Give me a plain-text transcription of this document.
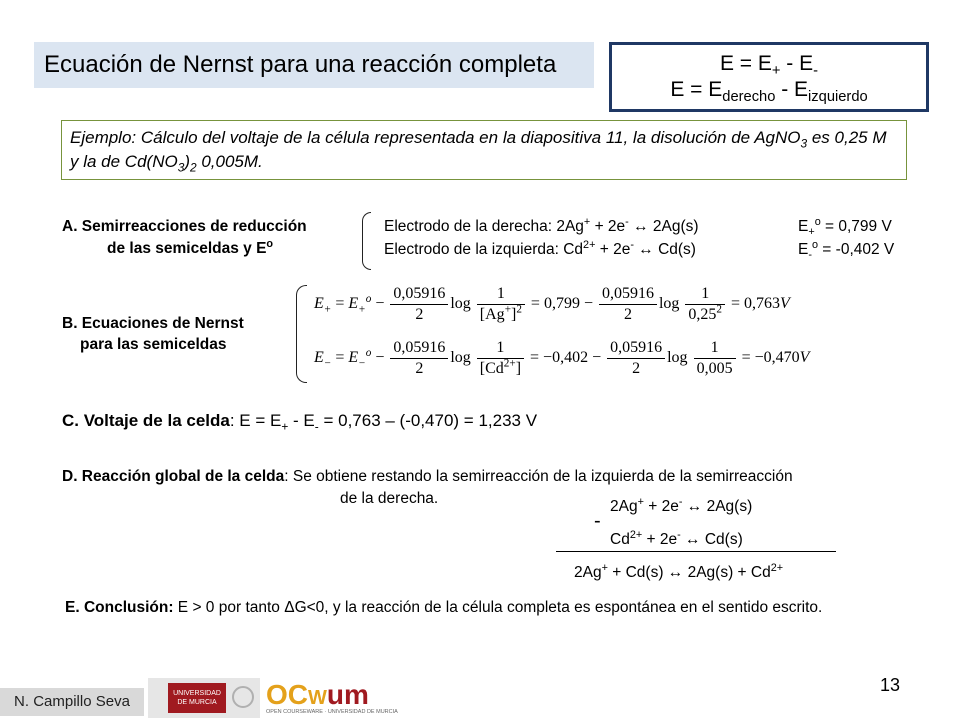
Ecuación de Nernst para una reacción completa	$E = E_+ - E_-$
$E = E_{derecho} - E_{izquierdo}$
Ejemplo: Cálculo del voltaje de la célula representada en la diapositiva 11, la disolución de AgNO$_3$ es 0,25 M y la de $Cd(NO_3)_2$ 0,005M.
A. Semirreacciones de reducción
de las semiceldas y $E^o$
Electrodo de la derecha: 2Ag+ + 2e- ↔ 2Ag(s)	$E_+^o = 0,799$ V
Electrodo de la izquierda: $Cd^{2+} + 2e^-$ ↔ Cd(s)	$E_-^o = -0,402$ V
B. Ecuaciones de Nernst
para las semiceldas
$E_+ = E_+^o - \frac{0,05916}{2}$ $\log \frac{1}{[Ag^+]^2} = 0,799 - \frac{0,05916}{2}$ $\log \frac{1}{0,25^2} = 0,763V$
$E_- = E_-^o - \frac{0,05916}{2}$ $\log \frac{1}{[Cd^{2+}]} = -0,402 - \frac{0,05916}{2}$ $\log \frac{1}{0,005} = -0,470V$
C. Voltaje de la celda: $E = E_+ - E_- = 0,763 - (-0,470) = 1,233$ V
D. Reacción global de la celda: Se obtiene restando la semirreacción de la izquierda de la semirreacción
de la derecha.	2Ag+ + 2e- ↔ 2Ag(s)
-
$Cd^{2+} + 2e^-$ ↔ Cd(s)
2Ag+ + Cd(s) ↔ $2Ag(s) + Cd^{2+}$
E. Conclusión: E > 0 por tanto ΔG<0, y la reacción de la célula completa es espontánea en el sentido escrito.
13
N. Campillo Seva	UNIVERSIDAD DE MURCIA	OCWum
OPEN COURSEWARE · UNIVERSIDAD DE MURCIA
